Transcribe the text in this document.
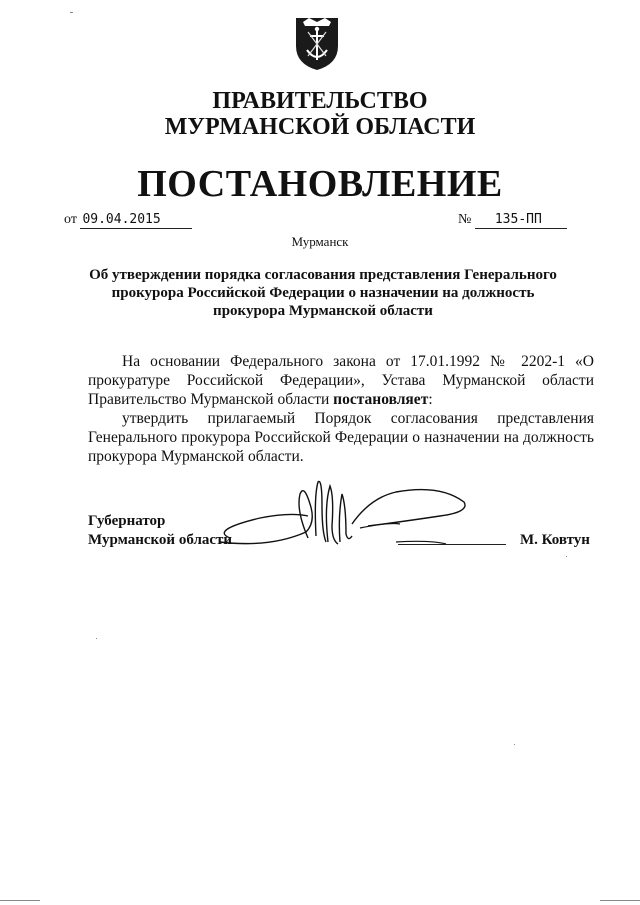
ПРАВИТЕЛЬСТВО
МУРМАНСКОЙ ОБЛАСТИ
ПОСТАНОВЛЕНИЕ
от 09.04.2015	№ 135-ПП
Мурманск
Об утверждении порядка согласования представления Генерального прокурора Российской Федерации о назначении на должность прокурора Мурманской области

На основании Федерального закона от 17.01.1992 № 2202-1 «О прокуратуре Российской Федерации», Устава Мурманской области Правительство Мурманской области постановляет:

утвердить прилагаемый Порядок согласования представления Генерального прокурора Российской Федерации о назначении на должность прокурора Мурманской области.

Губернатор
Мурманской области	М. Ковтун
